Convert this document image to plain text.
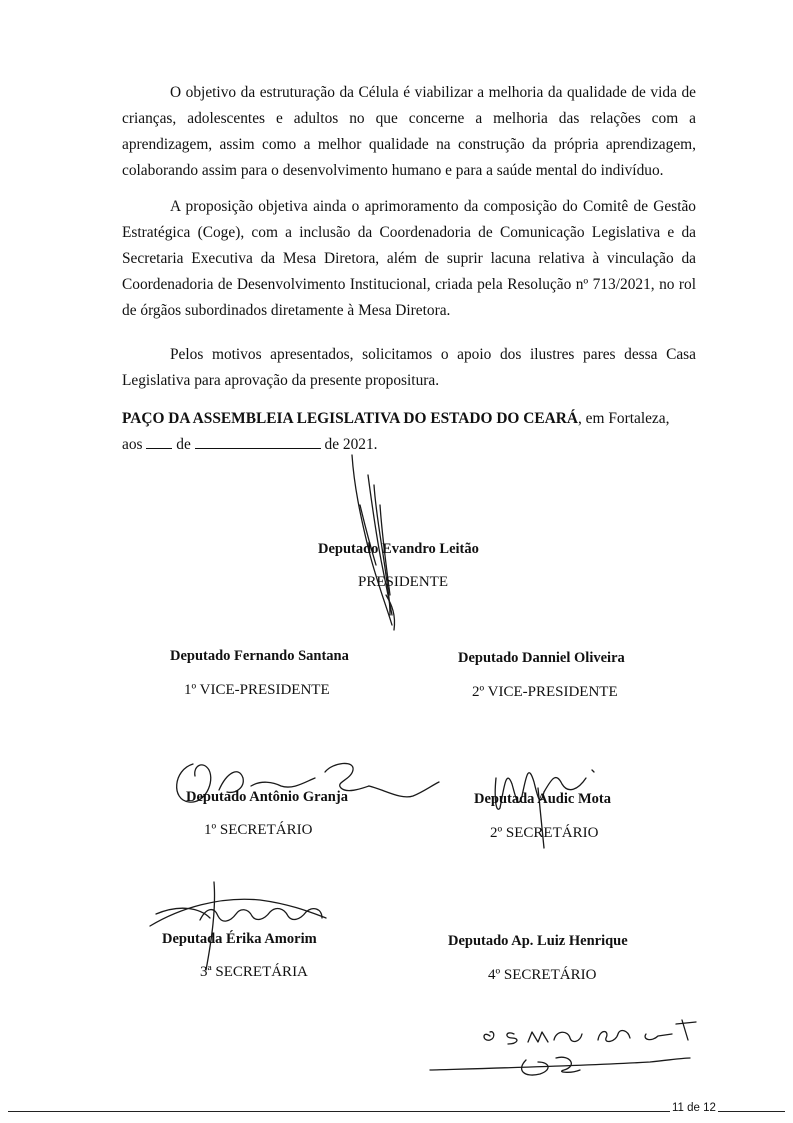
O objetivo da estruturação da Célula é viabilizar a melhoria da qualidade de vida de crianças, adolescentes e adultos no que concerne a melhoria das relações com a aprendizagem, assim como a melhor qualidade na construção da própria aprendizagem, colaborando assim para o desenvolvimento humano e para a saúde mental do indivíduo.
A proposição objetiva ainda o aprimoramento da composição do Comitê de Gestão Estratégica (Coge), com a inclusão da Coordenadoria de Comunicação Legislativa e da Secretaria Executiva da Mesa Diretora, além de suprir lacuna relativa à vinculação da Coordenadoria de Desenvolvimento Institucional, criada pela Resolução nº 713/2021, no rol de órgãos subordinados diretamente à Mesa Diretora.
Pelos motivos apresentados, solicitamos o apoio dos ilustres pares dessa Casa Legislativa para aprovação da presente propositura.
PAÇO DA ASSEMBLEIA LEGISLATIVA DO ESTADO DO CEARÁ, em Fortaleza,
aos de	de 2021.
Deputado Evandro Leitão
PRESIDENTE
Deputado Fernando Santana
1º VICE-PRESIDENTE
Deputado Danniel Oliveira
2º VICE-PRESIDENTE
Deputado Antônio Granja
1º SECRETÁRIO
Deputada Audic Mota
2º SECRETÁRIO
Deputada Érika Amorim
3ª SECRETÁRIA
Deputado Ap. Luiz Henrique
4º SECRETÁRIO
11 de 12
